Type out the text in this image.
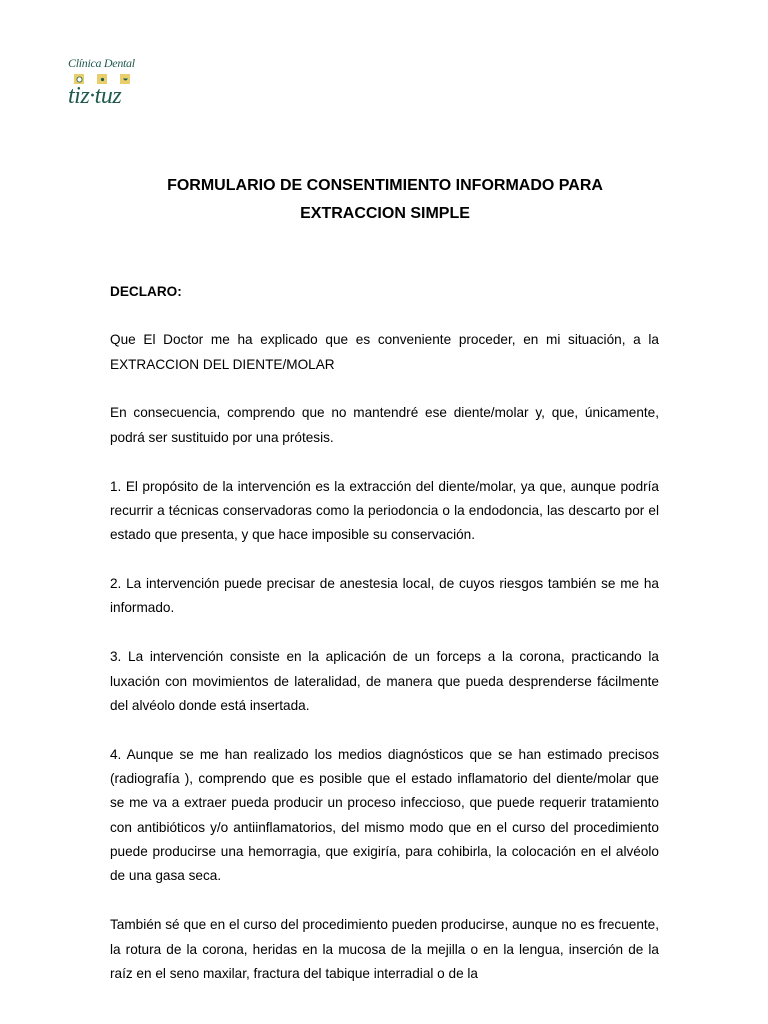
Clínica Dental
tiz·tuz
FORMULARIO DE CONSENTIMIENTO INFORMADO PARA
EXTRACCION SIMPLE

DECLARO:

Que El Doctor me ha explicado que es conveniente proceder, en mi situación, a la EXTRACCION DEL DIENTE/MOLAR

En consecuencia, comprendo que no mantendré ese diente/molar y, que, únicamente, podrá ser sustituido por una prótesis.

1. El propósito de la intervención es la extracción del diente/molar, ya que, aunque podría recurrir a técnicas conservadoras como la periodoncia o la endodoncia, las descarto por el estado que presenta, y que hace imposible su conservación.

2. La intervención puede precisar de anestesia local, de cuyos riesgos también se me ha informado.

3. La intervención consiste en la aplicación de un forceps a la corona, practicando la luxación con movimientos de lateralidad, de manera que pueda desprenderse fácilmente del alvéolo donde está insertada.

4. Aunque se me han realizado los medios diagnósticos que se han estimado precisos (radiografía ), comprendo que es posible que el estado inflamatorio del diente/molar que se me va a extraer pueda producir un proceso infeccioso, que puede requerir tratamiento con antibióticos y/o antiinflamatorios, del mismo modo que en el curso del procedimiento puede producirse una hemorragia, que exigiría, para cohibirla, la colocación en el alvéolo de una gasa seca.

También sé que en el curso del procedimiento pueden producirse, aunque no es frecuente, la rotura de la corona, heridas en la mucosa de la mejilla o en la lengua, inserción de la raíz en el seno maxilar, fractura del tabique interradial o de la
